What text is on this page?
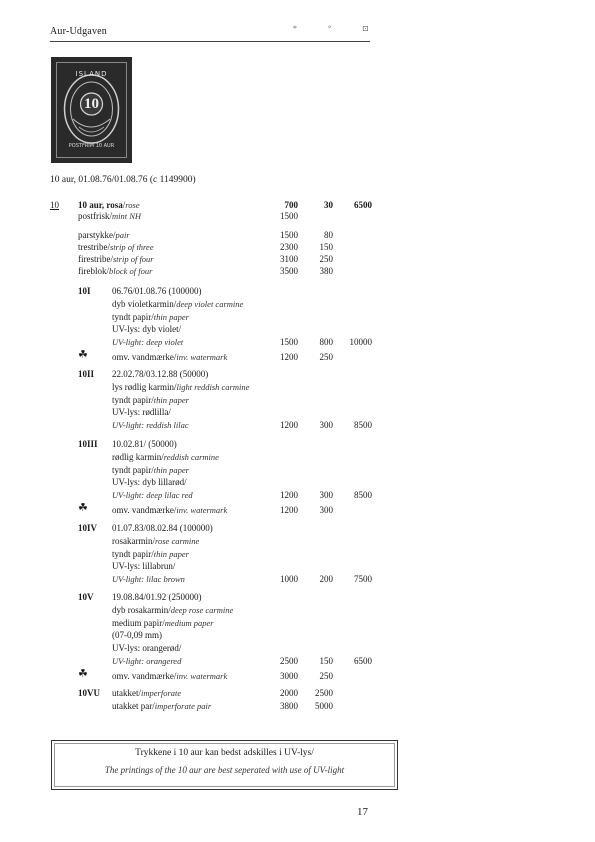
Aur-Udgaven	*	°	⊡
ISLAND
10
POSTFRIM 10 AUR
10 aur, 01.08.76/01.08.76 (c 1149900)
10 10 aur, rosa/rose	700	30	6500
Trykkene i 10 aur kan bedst adskilles i UV-lys/
The printings of the 10 aur are best seperated with use of UV-light
17
postfrisk/mint NH	1500
parstykke/pair	1500	80
trestribe/strip of three	2300	150
firestribe/strip of four	3100	250
fireblok/block of four	3500	380
10I 06.76/01.08.76 (100000)
dyb violetkarmin/deep violet carmine
tyndt papir/thin paper
UV-lys: dyb violet/
UV-light: deep violet	1500	800	10000
☘	omv. vandmærke/inv. watermark	1200	250
10II 22.02.78/03.12.88 (50000)
lys rødlig karmin/light reddish carmine
tyndt papir/thin paper
UV-lys: rødlilla/
UV-light: reddish lilac	1200	300	8500
10III 10.02.81/ (50000)
rødlig karmin/reddish carmine
tyndt papir/thin paper
UV-lys: dyb lillarød/
UV-light: deep lilac red	1200	300	8500
☘	omv. vandmærke/inv. watermark	1200	300
10IV 01.07.83/08.02.84 (100000)
rosakarmin/rose carmine
tyndt papir/thin paper
UV-lys: lillabrun/
UV-light: lilac brown	1000	200	7500
10V 19.08.84/01.92 (250000)
dyb rosakarmin/deep rose carmine
medium papir/medium paper
(07-0,09 mm)
UV-lys: orangerød/
UV-light: orangered	2500	150	6500
☘	omv. vandmærke/inv. watermark	3000	250
10VU utakket/imperforate	2000	2500
utakket par/imperforate pair	3800	5000
